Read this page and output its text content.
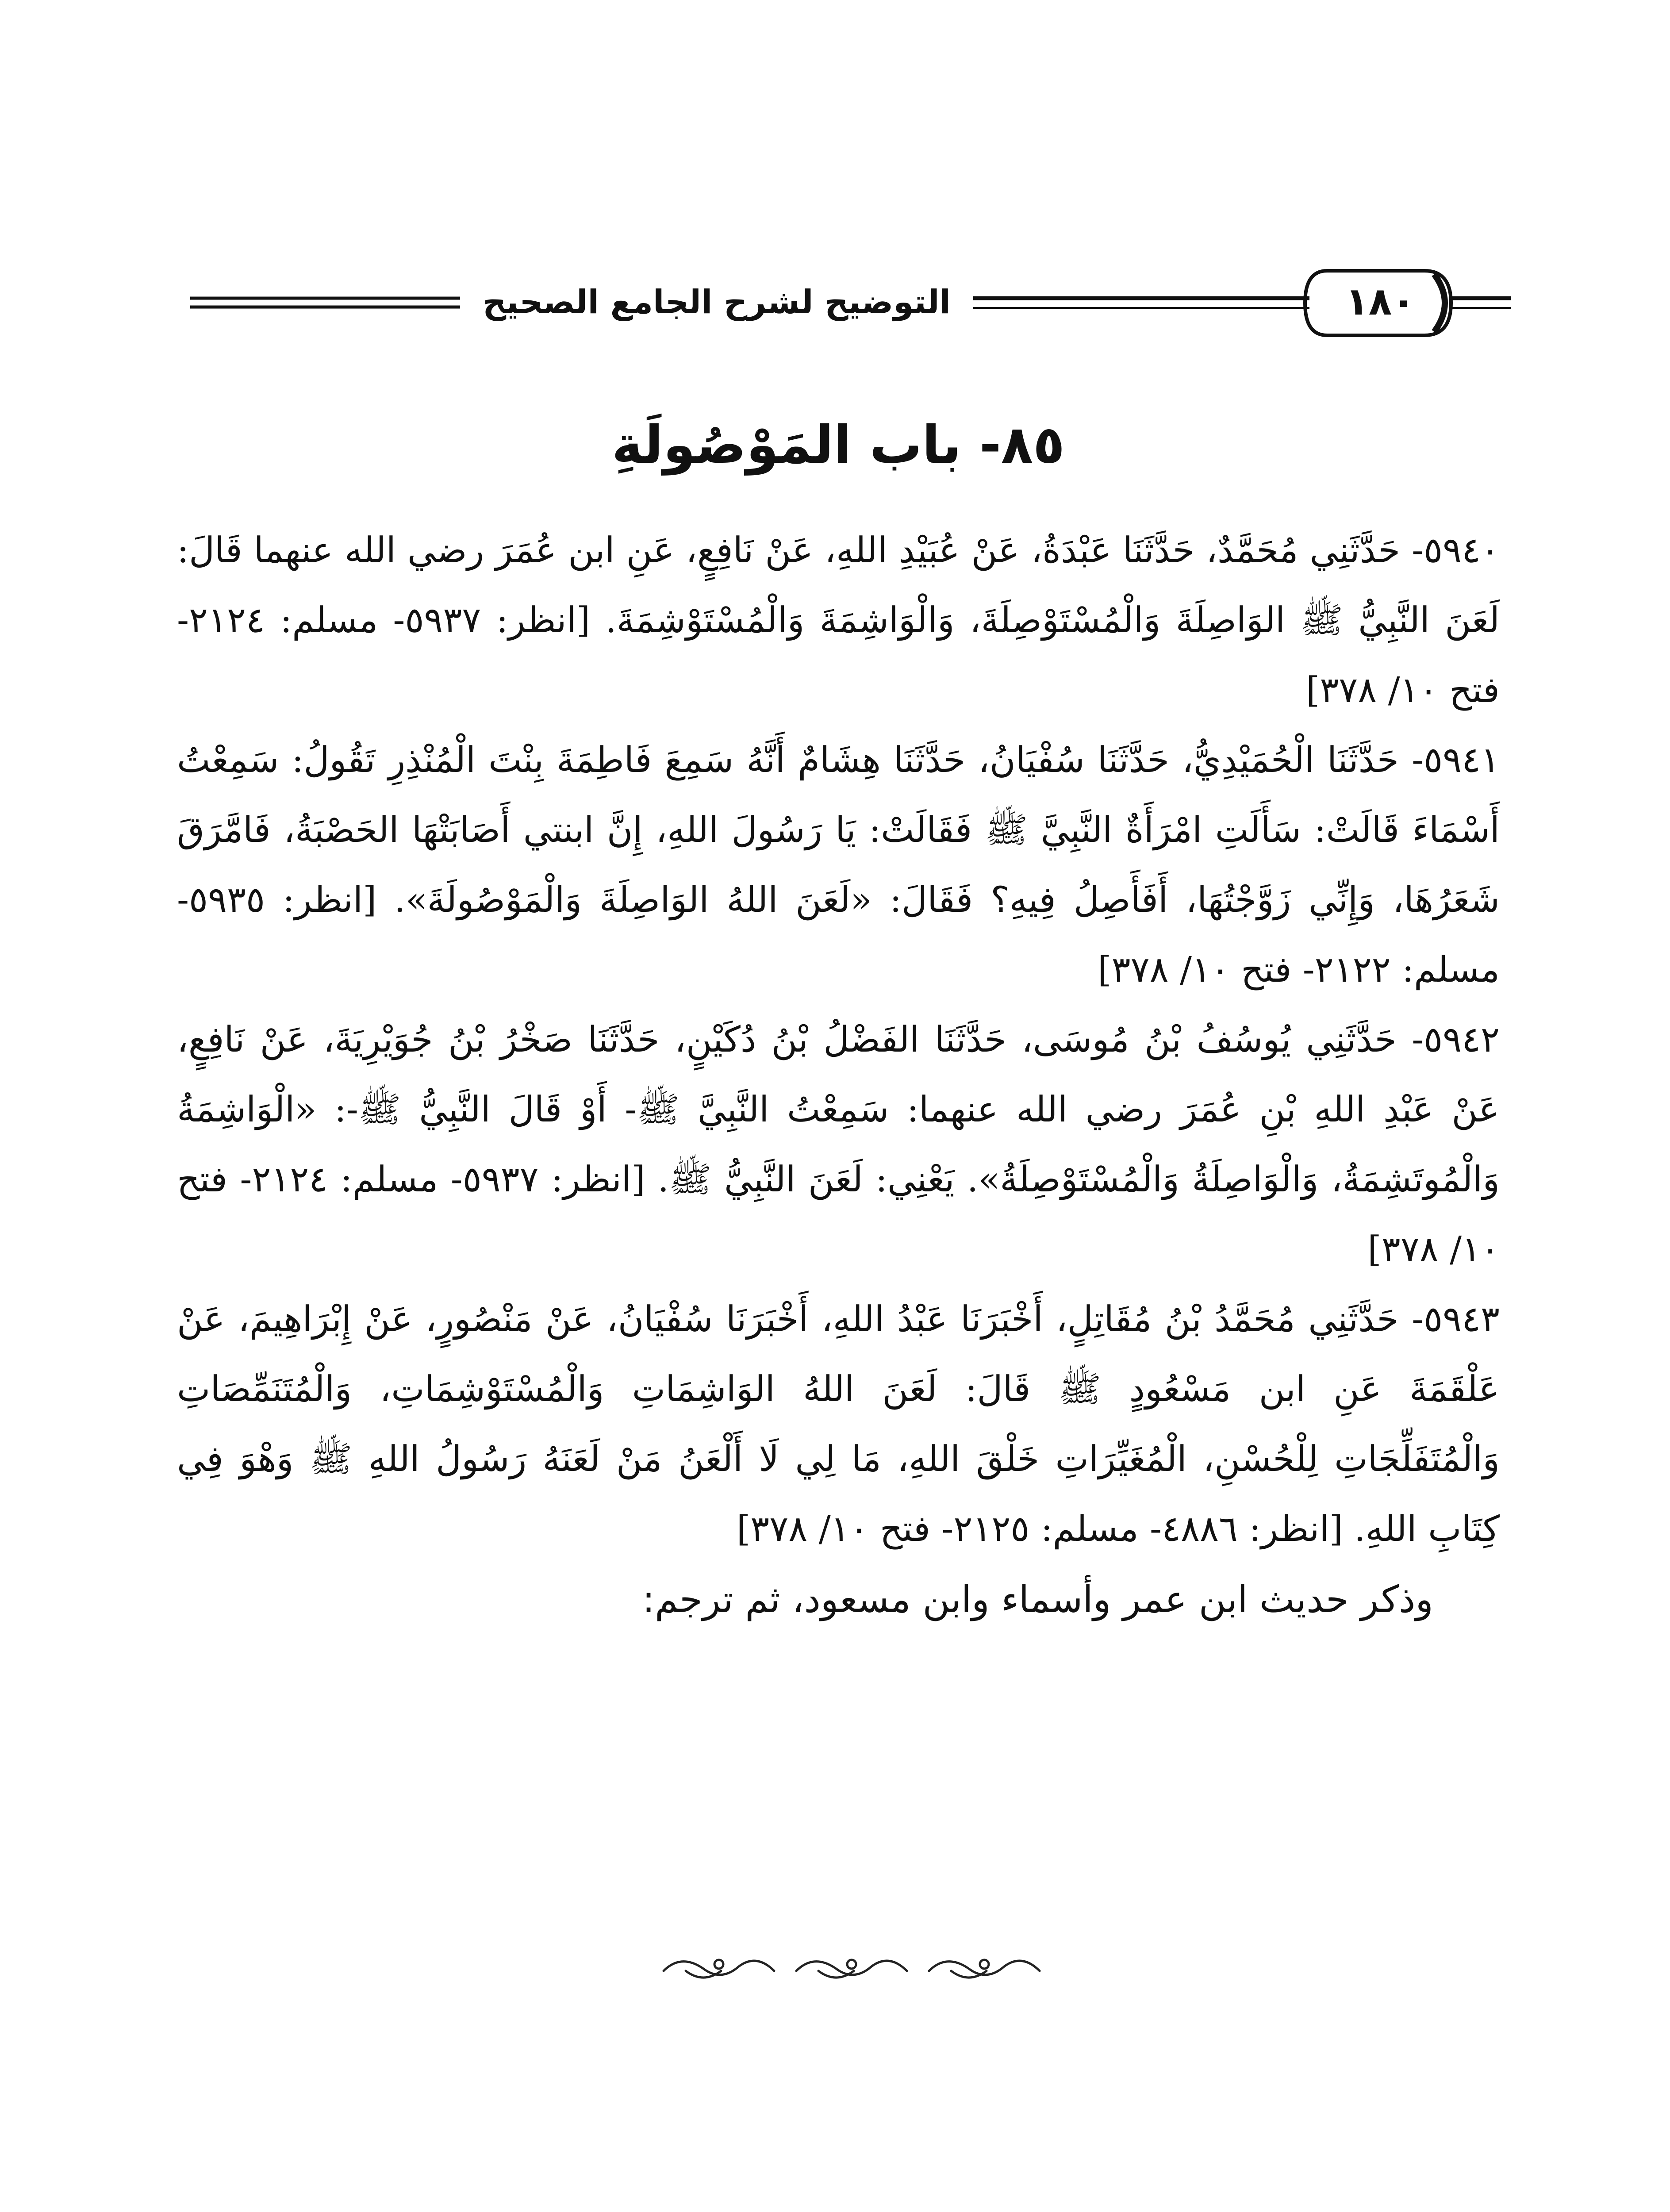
التوضيح لشرح الجامع الصحيح	١٨٠
٨٥- باب المَوْصُولَةِ

٥٩٤٠- حَدَّثَنِي مُحَمَّدٌ، حَدَّثَنَا عَبْدَةُ، عَنْ عُبَيْدِ اللهِ، عَنْ نَافِعٍ، عَنِ ابن عُمَرَ رضي الله عنهما قَالَ: لَعَنَ النَّبِيُّ ﷺ الوَاصِلَةَ وَالْمُسْتَوْصِلَةَ، وَالْوَاشِمَةَ وَالْمُسْتَوْشِمَةَ. [انظر: ٥٩٣٧- مسلم: ٢١٢٤- فتح ١٠/ ٣٧٨]

٥٩٤١- حَدَّثَنَا الْحُمَيْدِيُّ، حَدَّثَنَا سُفْيَانُ، حَدَّثَنَا هِشَامٌ أَنَّهُ سَمِعَ فَاطِمَةَ بِنْتَ الْمُنْذِرِ تَقُولُ: سَمِعْتُ أَسْمَاءَ قَالَتْ: سَأَلَتِ امْرَأَةٌ النَّبِيَّ ﷺ فَقَالَتْ: يَا رَسُولَ اللهِ، إِنَّ ابنتي أَصَابَتْهَا الحَصْبَةُ، فَامَّرَقَ شَعَرُهَا، وَإِنِّي زَوَّجْتُهَا، أَفَأَصِلُ فِيهِ؟ فَقَالَ: «لَعَنَ اللهُ الوَاصِلَةَ وَالْمَوْصُولَةَ». [انظر: ٥٩٣٥- مسلم: ٢١٢٢- فتح ١٠/ ٣٧٨]

٥٩٤٢- حَدَّثَنِي يُوسُفُ بْنُ مُوسَى، حَدَّثَنَا الفَضْلُ بْنُ دُكَيْنٍ، حَدَّثَنَا صَخْرُ بْنُ جُوَيْرِيَةَ، عَنْ نَافِعٍ، عَنْ عَبْدِ اللهِ بْنِ عُمَرَ رضي الله عنهما: سَمِعْتُ النَّبِيَّ ﷺ- أَوْ قَالَ النَّبِيُّ ﷺ-: «الْوَاشِمَةُ وَالْمُوتَشِمَةُ، وَالْوَاصِلَةُ وَالْمُسْتَوْصِلَةُ». يَعْنِي: لَعَنَ النَّبِيُّ ﷺ. [انظر: ٥٩٣٧- مسلم: ٢١٢٤- فتح ١٠/ ٣٧٨]

٥٩٤٣- حَدَّثَنِي مُحَمَّدُ بْنُ مُقَاتِلٍ، أَخْبَرَنَا عَبْدُ اللهِ، أَخْبَرَنَا سُفْيَانُ، عَنْ مَنْصُورٍ، عَنْ إِبْرَاهِيمَ، عَنْ عَلْقَمَةَ عَنِ ابن مَسْعُودٍ ﷺ قَالَ: لَعَنَ اللهُ الوَاشِمَاتِ وَالْمُسْتَوْشِمَاتِ، وَالْمُتَنَمِّصَاتِ وَالْمُتَفَلِّجَاتِ لِلْحُسْنِ، الْمُغَيِّرَاتِ خَلْقَ اللهِ، مَا لِي لَا أَلْعَنُ مَنْ لَعَنَهُ رَسُولُ اللهِ ﷺ وَهْوَ فِي كِتَابِ اللهِ. [انظر: ٤٨٨٦- مسلم: ٢١٢٥- فتح ١٠/ ٣٧٨]

وذكر حديث ابن عمر وأسماء وابن مسعود، ثم ترجم:
